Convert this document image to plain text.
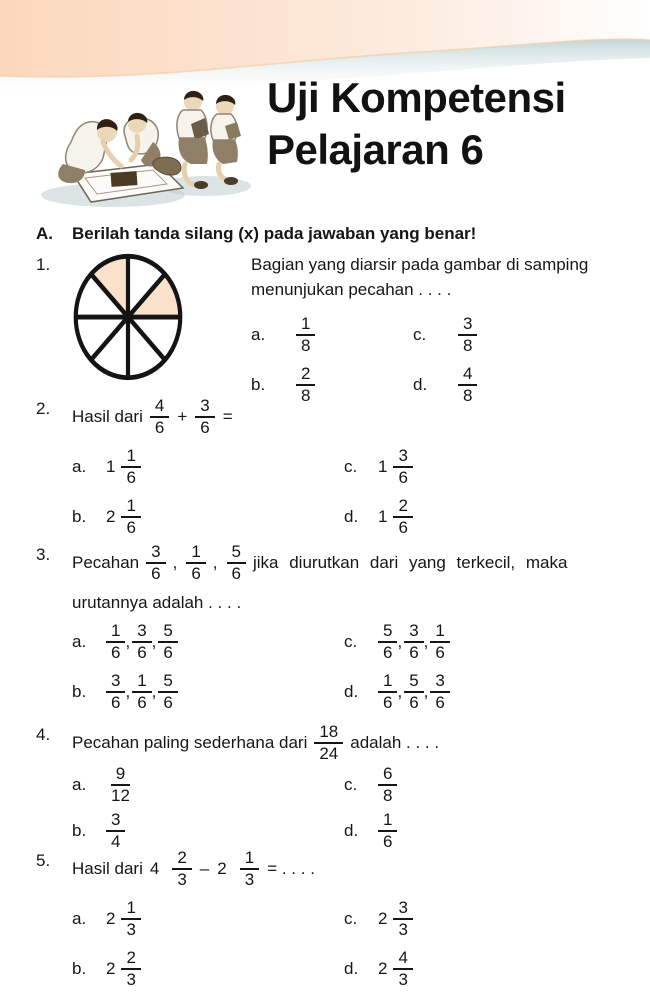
Uji Kompetensi
Pelajaran 6
A.	Berilah tanda silang (x) pada jawaban yang benar!
1.	Bagian yang diarsir pada gambar di samping
menunjukan pecahan . . . .
a.	$\frac{1}{8}$	c.	$\frac{3}{8}$
b.	$\frac{2}{8}$	d.	$\frac{4}{8}$
2.	Hasil dari $\frac{4}{6} + \frac{3}{6}$ =
a.	$1 \frac{1}{6}$	c.	$1 \frac{3}{6}$
b.	$2 \frac{1}{6}$	d.	$1 \frac{2}{6}$
3.	Pecahan $\frac{3}{6}$ , $\frac{1}{6}$ , $\frac{5}{6}$ jika diurutkan dari yang terkecil, maka
urutannya adalah . . . .
a.	$\frac{1}{6}$ , $\frac{3}{6}$ , $\frac{5}{6}$	c.	$\frac{5}{6}$ , $\frac{3}{6}$ , $\frac{1}{6}$
b.	$\frac{3}{6}$ , $\frac{1}{6}$ , $\frac{5}{6}$	d.	$\frac{1}{6}$ , $\frac{5}{6}$ , $\frac{3}{6}$
4.	Pecahan paling sederhana dari $\frac{18}{24}$ adalah . . . .
a.	$\frac{9}{12}$	c.	$\frac{6}{8}$
b.	$\frac{3}{4}$	d.	$\frac{1}{6}$
5.	Hasil dari $4 \frac{2}{3} - 2 \frac{1}{3}$ = . . . .
a.	$2 \frac{1}{3}$	c.	$2 \frac{3}{3}$
b.	$2 \frac{2}{3}$	d.	$2 \frac{4}{3}$
